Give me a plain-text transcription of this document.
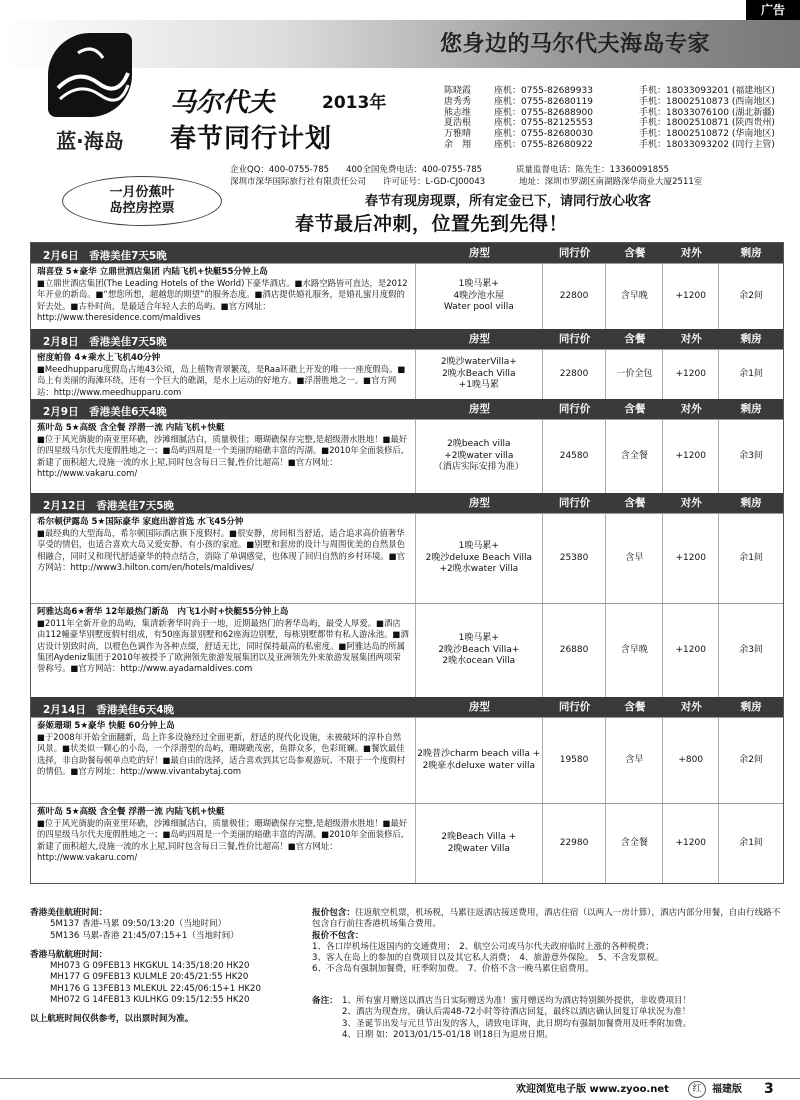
广告
您身边的马尔代夫海岛专家
蓝·海岛
马尔代夫	2013年
春节同行计划
陈晓霞	座机：0755-82689933	手机：18033093201 (福建地区)
唐秀秀	座机：0755-82680119	手机：18002510873 (西南地区)
熊志维	座机：0755-82688900	手机：18033076100 (湖北新疆)
夏浩根	座机：0755-82125553	手机：18002510871 (陕西贵州)
万雅晴	座机：0755-82680030	手机：18002510872 (华南地区)
余　翔	座机：0755-82680922	手机：18033093202 (同行主管)
企业QQ：400-0755-785　　400全国免费电话：400-0755-785　　　　质量监督电话：陈先生：13360091855
深圳市深华国际旅行社有限责任公司　　许可证号：L-GD-CJ00043　　　　地址：深圳市罗湖区南湖路深华商业大厦2511室
一月份蕉叶
岛控房控票	春节有现房现票，所有定金已下，请同行放心收客
春节最后冲刺，位置先到先得！
2月6日　香港美佳7天5晚	房型	同行价	含餐	对外	剩房
瑞喜登 5★豪华 立鼎世酒店集团 内陆飞机+快艇55分钟上岛
■立鼎世酒店集团(The Leading Hotels of the World)下豪华酒店。■水路空路皆可直达，是2012年开业的新岛。■“想您所想，超越您的期望”的服务态度。■酒店提供婚礼服务，是婚礼蜜月度假的好去处。■古朴时尚，是最适合年轻人去的岛屿。■官方网址：http://www.theresidence.com/maldives
1晚马累+
4晚沙池水屋
Water pool villa
22800	含早晚	+1200	余2间
2月8日　香港美佳7天5晚	房型	同行价	含餐	对外	剩房
密度帕鲁 4★乘水上飞机40分钟
■Meedhupparu度假岛占地43公顷，岛上植物青翠繁茂，是Raa环礁上开发的唯一一座度假岛。■岛上有美丽的海滩环绕，还有一个巨大的礁湖，是水上运动的好地方。■浮潜胜地之一。■官方网站：http://www.meedhupparu.com
2晚沙waterVilla+
2晚水Beach Villa
+1晚马累
22800	一价全包	+1200	余1间
2月9日　香港美佳6天4晚	房型	同行价	含餐	对外	剩房
蕉叶岛 5★高级 含全餐 浮潜一流 内陆飞机+快艇
■位于风光旖旎的南亚里环礁，沙滩细腻洁白，质量极佳；珊瑚礁保存完整,是超级潜水胜地！■最好的四星级马尔代夫度假胜地之一；■岛屿四周是一个美丽的暗礁丰富的泻湖。■2010年全面装修后,新建了面积超大,设施一流的水上屋,同时包含每日三餐,性价比超高！■官方网址：http://www.vakaru.com/
2晚beach villa
+2晚water villa
（酒店实际安排为准）
24580	含全餐	+1200	余3间
2月12日　香港美佳7天5晚	房型	同行价	含餐	对外	剩房
希尔顿伊露岛 5★国际豪华 家庭出游首选 水飞45分钟
■最经典的大型海岛，希尔顿国际酒店旗下度假村。■很安静，房间相当舒适，适合追求高价值奢华享受的情侣，也适合喜欢大岛又爱安静、有小孩的家庭。■别墅和套房的设计与周围优美的自然景色相融合，同时又和现代舒适豪华的特点结合，消除了单调感觉，也体现了回归自然的乡村环境。■官方网站：http://www3.hilton.com/en/hotels/maldives/
1晚马累+
2晚沙deluxe Beach Villa
+2晚水water Villa
25380	含早	+1200	余1间
阿雅达岛6★奢华 12年最热门新岛　内飞1小时+快艇55分钟上岛
■2011年全新开业的岛屿，集清新奢华时尚于一地，近期最热门的奢华岛屿，最受人厚爱。■酒店由112幢豪华别墅度假村组成，有50座海景别墅和62座海边别墅，每栋别墅都带有私人游泳池。■酒店设计别致时尚，以橙色色调作为各种点缀，舒适无比，同时保持最高的私密度。■阿雅达岛的所属集团Aydeniz集团于2010年被授予了欧洲领先旅游发展集团以及亚洲领先外来旅游发展集团两项荣誉称号。■官方网站：http://www.ayadamaldives.com
1晚马累+
2晚沙Beach Villa+
2晚水ocean Villa
26880	含早晚	+1200	余3间
2月14日　香港美佳6天4晚	房型	同行价	含餐	对外	剩房
泰姬珊瑚 5★豪华 快艇 60分钟上岛
■于2008年开始全面翻新，岛上许多设施经过全面更新，舒适的现代化设施，未被破坏的淳朴自然风景。■状类似一颗心的小岛，一个浮潜型的岛屿，珊瑚礁茂密，鱼群众多，色彩斑斓。■餐饮最佳选择，非自助餐每顿单点吃的好！■最自由的选择，适合喜欢到其它岛参观游玩、不限于一个度假村的情侣。■官方网址：http://www.vivantabytaj.com
2晚普沙charm beach villa +
2晚豪水deluxe water villa
19580	含早	+800	余2间
蕉叶岛 5★高级 含全餐 浮潜一流 内陆飞机+快艇
■位于风光旖旎的南亚里环礁，沙滩细腻洁白，质量极佳；珊瑚礁保存完整,是超级潜水胜地！■最好的四星级马尔代夫度假胜地之一；■岛屿四周是一个美丽的暗礁丰富的泻湖。■2010年全面装修后,新建了面积超大,设施一流的水上屋,同时包含每日三餐,性价比超高！■官方网址：http://www.vakaru.com/
2晚Beach Villa +
2晚water Villa
22980	含全餐	+1200	余1间
香港美佳航班时间：
5M137 香港-马累 09:50/13:20（当地时间）
5M136 马累-香港 21:45/07:15+1（当地时间）
香港马航航班时间：
MH073 G 09FEB13 HKGKUL 14:35/18:20 HK20
MH177 G 09FEB13 KULMLE 20:45/21:55 HK20
MH176 G 13FEB13 MLEKUL 22:45/06:15+1 HK20
MH072 G 14FEB13 KULHKG 09:15/12:55 HK20
以上航班时间仅供参考，以出票时间为准。
报价包含：往返航空机票，机场税，马累往返酒店接送费用，酒店住宿（以两人一房计算），酒店内部分用餐，自由行线路不包含自行前往香港机场集合费用。
报价不包含：
1、各口岸机场往返国内的交通费用；　2、航空公司或马尔代夫政府临时上涨的各种税费；
3、客人在岛上的参加的自费项目以及其它私人消费；　4、旅游意外保险。　5、不含发票税。
6、不含岛有强制加餐费，旺季附加费。　7、价格不含一晚马累住宿费用。
备注： 1、所有蜜月赠送以酒店当日实际赠送为准！蜜月赠送均为酒店特别额外提供，非收费项目！
2、酒店为现查房，确认后需48-72小时等待酒店回复，最终以酒店确认回复订单状况为准！
3、圣诞节出发与元旦节出发的客人，请致电详询，此日期均有强制加餐费用及旺季附加费。
4、日期 如：2013/01/15-01/18 则18日为退房日期。
欢迎浏览电子版 www.zyoo.net	红	福建版 3
